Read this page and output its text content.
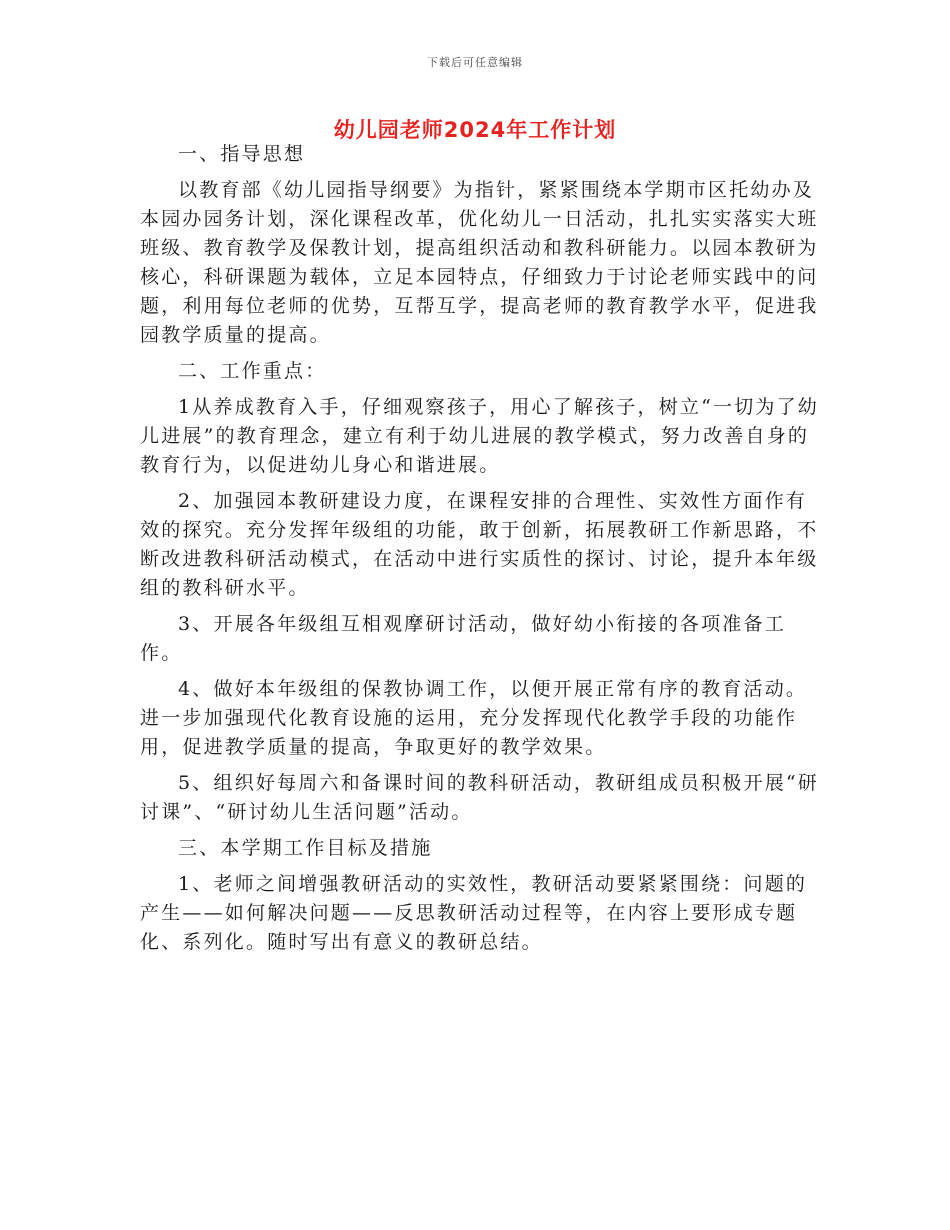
下载后可任意编辑
幼儿园老师2024年工作计划

一、指导思想

以教育部《幼儿园指导纲要》为指针，紧紧围绕本学期市区托幼办及本园办园务计划，深化课程改革，优化幼儿一日活动，扎扎实实落实大班班级、教育教学及保教计划，提高组织活动和教科研能力。以园本教研为核心，科研课题为载体，立足本园特点，仔细致力于讨论老师实践中的问题，利用每位老师的优势，互帮互学，提高老师的教育教学水平，促进我园教学质量的提高。

二、工作重点：

1从养成教育入手，仔细观察孩子，用心了解孩子，树立“一切为了幼儿进展”的教育理念，建立有利于幼儿进展的教学模式，努力改善自身的教育行为，以促进幼儿身心和谐进展。

2、加强园本教研建设力度，在课程安排的合理性、实效性方面作有效的探究。充分发挥年级组的功能，敢于创新，拓展教研工作新思路，不断改进教科研活动模式，在活动中进行实质性的探讨、讨论，提升本年级组的教科研水平。

3、开展各年级组互相观摩研讨活动，做好幼小衔接的各项准备工作。

4、做好本年级组的保教协调工作，以便开展正常有序的教育活动。进一步加强现代化教育设施的运用，充分发挥现代化教学手段的功能作用，促进教学质量的提高，争取更好的教学效果。

5、组织好每周六和备课时间的教科研活动，教研组成员积极开展“研讨课”、“研讨幼儿生活问题”活动。

三、本学期工作目标及措施

1、老师之间增强教研活动的实效性，教研活动要紧紧围绕：问题的产生——如何解决问题——反思教研活动过程等，在内容上要形成专题化、系列化。随时写出有意义的教研总结。
